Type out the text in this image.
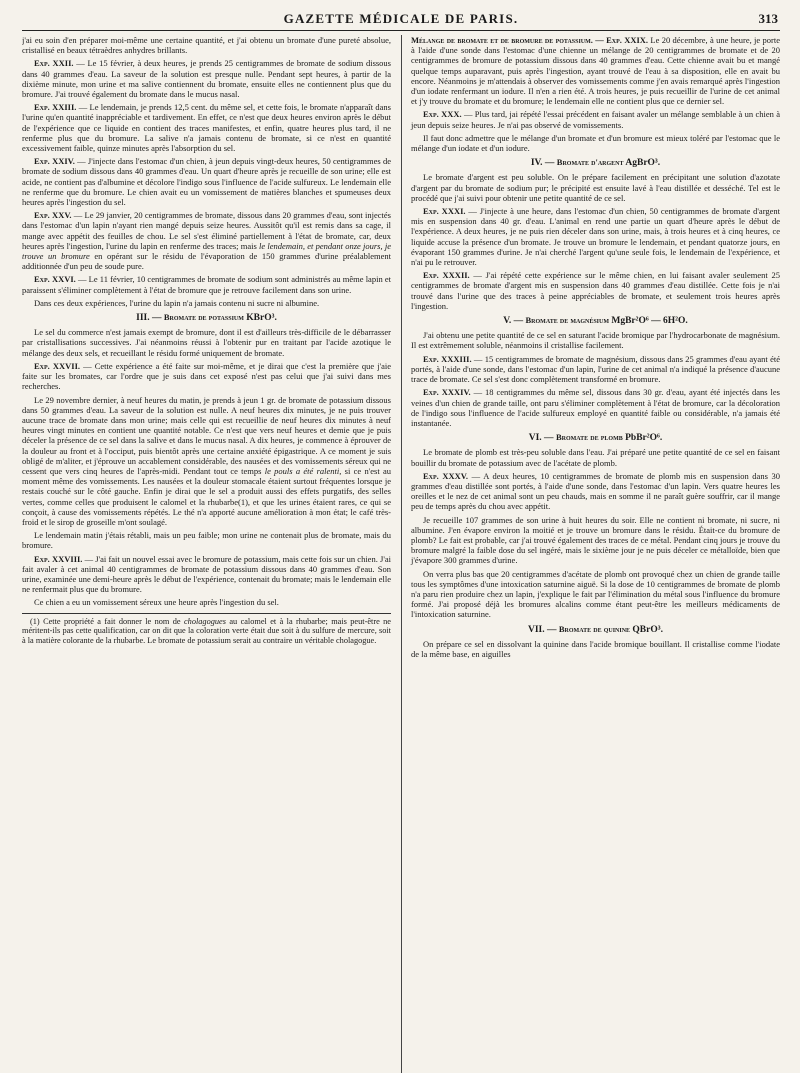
GAZETTE MÉDICALE DE PARIS.	313

j'ai eu soin d'en préparer moi-même une certaine quantité, et j'ai obtenu un bromate d'une pureté absolue, cristallisé en beaux tétraèdres anhydres brillants.

Exp. XXII. — Le 15 février, à deux heures, je prends 25 centigrammes de bromate de sodium dissous dans 40 grammes d'eau. La saveur de la solution est presque nulle. Pendant sept heures, à partir de la dixième minute, mon urine et ma salive contiennent du bromate, ensuite elles ne contiennent plus que du bromure. J'ai trouvé également du bromate dans le mucus nasal.

Exp. XXIII. — Le lendemain, je prends 12,5 cent. du même sel, et cette fois, le bromate n'apparaît dans l'urine qu'en quantité inappréciable et tardivement. En effet, ce n'est que deux heures environ après le début de l'expérience que ce liquide en contient des traces manifestes, et enfin, quatre heures plus tard, il ne renferme plus que du bromure. La salive n'a jamais contenu de bromate, si ce n'est en quantité excessivement faible, quinze minutes après l'absorption du sel.

Exp. XXIV. — J'injecte dans l'estomac d'un chien, à jeun depuis vingt-deux heures, 50 centigrammes de bromate de sodium dissous dans 40 grammes d'eau. Un quart d'heure après je recueille de son urine; elle est acide, ne contient pas d'albumine et décolore l'indigo sous l'influence de l'acide sulfureux. Le lendemain elle ne renferme que du bromure. Le chien avait eu un vomissement de matières blanches et spumeuses deux heures après l'ingestion du sel.

Exp. XXV. — Le 29 janvier, 20 centigrammes de bromate, dissous dans 20 grammes d'eau, sont injectés dans l'estomac d'un lapin n'ayant rien mangé depuis seize heures. Aussitôt qu'il est remis dans sa cage, il mange avec appétit des feuilles de chou. Le sel s'est éliminé partiellement à l'état de bromate, car, deux heures après l'ingestion, l'urine du lapin en renferme des traces; mais le lendemain, et pendant onze jours, je trouve un bromure en opérant sur le résidu de l'évaporation de 150 grammes d'urine préalablement additionnée d'un peu de soude pure.

Exp. XXVI. — Le 11 février, 10 centigrammes de bromate de sodium sont administrés au même lapin et paraissent s'éliminer complètement à l'état de bromure que je retrouve facilement dans son urine.

Dans ces deux expériences, l'urine du lapin n'a jamais contenu ni sucre ni albumine.

III. — Bromate de potassium KBrO³.

Le sel du commerce n'est jamais exempt de bromure, dont il est d'ailleurs très-difficile de le débarrasser par cristallisations successives. J'ai néanmoins réussi à l'obtenir pur en traitant par l'acide azotique le mélange des deux sels, et recueillant le résidu formé uniquement de bromate.

Exp. XXVII. — Cette expérience a été faite sur moi-même, et je dirai que c'est la première que j'aie faite sur les bromates, car l'ordre que je suis dans cet exposé n'est pas celui que j'ai suivi dans mes recherches.

Le 29 novembre dernier, à neuf heures du matin, je prends à jeun 1 gr. de bromate de potassium dissous dans 50 grammes d'eau. La saveur de la solution est nulle. A neuf heures dix minutes, je ne puis trouver aucune trace de bromate dans mon urine; mais celle qui est recueillie de neuf heures dix minutes à neuf heures vingt minutes en contient une quantité notable. Ce n'est que vers neuf heures et demie que je puis déceler la présence de ce sel dans la salive et dans le mucus nasal. A dix heures, je commence à éprouver de la douleur au front et à l'occiput, puis bientôt après une certaine anxiété épigastrique. A ce moment je suis obligé de m'aliter, et j'éprouve un accablement considérable, des nausées et des vomissements séreux qui ne cessent que vers cinq heures de l'après-midi. Pendant tout ce temps le pouls a été ralenti, si ce n'est au moment même des vomissements. Les nausées et la douleur stomacale étaient surtout fréquentes lorsque je restais couché sur le côté gauche. Enfin je dirai que le sel a produit aussi des effets purgatifs, des selles vertes, comme celles que produisent le calomel et la rhubarbe(1), et que les urines étaient rares, ce qui se conçoit, à cause des vomissements répétés. Le thé n'a apporté aucune amélioration à mon état; le café très-froid et le sirop de groseille m'ont soulagé.

Le lendemain matin j'étais rétabli, mais un peu faible; mon urine ne contenait plus de bromate, mais du bromure.

Exp. XXVIII. — J'ai fait un nouvel essai avec le bromure de potassium, mais cette fois sur un chien. J'ai fait avaler à cet animal 40 centigrammes de bromate de potassium dissous dans 40 grammes d'eau. Son urine, examinée une demi-heure après le début de l'expérience, contenait du bromate; mais le lendemain elle ne renfermait plus que du bromure.

Ce chien a eu un vomissement séreux une heure après l'ingestion du sel.

(1) Cette propriété a fait donner le nom de cholagogues au calomel et à la rhubarbe; mais peut-être ne méritent-ils pas cette qualification, car on dit que la coloration verte était due soit à du sulfure de mercure, soit à la matière colorante de la rhubarbe. Le bromate de potassium serait au contraire un véritable cholagogue.

Mélange de bromate et de bromure de potassium. — Exp. XXIX. Le 20 décembre, à une heure, je porte à l'aide d'une sonde dans l'estomac d'une chienne un mélange de 20 centigrammes de bromate et de 20 centigrammes de bromure de potassium dissous dans 40 grammes d'eau. Cette chienne avait bu et mangé quelque temps auparavant, puis après l'ingestion, ayant trouvé de l'eau à sa disposition, elle en avait bu encore. Néanmoins je m'attendais à observer des vomissements comme j'en avais remarqué après l'ingestion d'un iodate renfermant un iodure. Il n'en a rien été. A trois heures, je puis recueillir de l'urine de cet animal et j'y trouve du bromate et du bromure; le lendemain elle ne contient plus que ce dernier sel.

Exp. XXX. — Plus tard, jai répété l'essai précédent en faisant avaler un mélange semblable à un chien à jeun depuis seize heures. Je n'ai pas observé de vomissements.

Il faut donc admettre que le mélange d'un bromate et d'un bromure est mieux toléré par l'estomac que le mélange d'un iodate et d'un iodure.

IV. — Bromate d'argent AgBrO³.

Le bromate d'argent est peu soluble. On le prépare facilement en précipitant une solution d'azotate d'argent par du bromate de sodium pur; le précipité est ensuite lavé à l'eau distillée et desséché. Tel est le procédé que j'ai suivi pour obtenir une petite quantité de ce sel.

Exp. XXXI. — J'injecte à une heure, dans l'estomac d'un chien, 50 centigrammes de bromate d'argent mis en suspension dans 40 gr. d'eau. L'animal en rend une partie un quart d'heure après le début de l'expérience. A deux heures, je ne puis rien déceler dans son urine, mais, à trois heures et à cinq heures, ce liquide accuse la présence d'un bromate. Je trouve un bromure le lendemain, et pendant quatorze jours, en évaporant 150 grammes d'urine. Je n'ai cherché l'argent qu'une seule fois, le lendemain de l'expérience, et n'ai pu le retrouver.

Exp. XXXII. — J'ai répété cette expérience sur le même chien, en lui faisant avaler seulement 25 centigrammes de bromate d'argent mis en suspension dans 40 grammes d'eau distillée. Cette fois je n'ai trouvé dans l'urine que des traces à peine appréciables de bromate, et seulement trois heures après l'ingestion.

V. — Bromate de magnésium MgBr²O⁶ — 6H²O.

J'ai obtenu une petite quantité de ce sel en saturant l'acide bromique par l'hydrocarbonate de magnésium. Il est extrêmement soluble, néanmoins il cristallise facilement.

Exp. XXXIII. — 15 centigrammes de bromate de magnésium, dissous dans 25 grammes d'eau ayant été portés, à l'aide d'une sonde, dans l'estomac d'un lapin, l'urine de cet animal n'a indiqué la présence d'aucune trace de bromate. Ce sel s'est donc complètement transformé en bromure.

Exp. XXXIV. — 18 centigrammes du même sel, dissous dans 30 gr. d'eau, ayant été injectés dans les veines d'un chien de grande taille, ont paru s'éliminer complètement à l'état de bromure, car la décoloration de l'indigo sous l'influence de l'acide sulfureux employé en quantité faible ou considérable, n'a jamais été instantanée.

VI. — Bromate de plomb PbBr²O⁶.

Le bromate de plomb est très-peu soluble dans l'eau. J'ai préparé une petite quantité de ce sel en faisant bouillir du bromate de potassium avec de l'acétate de plomb.

Exp. XXXV. — A deux heures, 10 centigrammes de bromate de plomb mis en suspension dans 30 grammes d'eau distillée sont portés, à l'aide d'une sonde, dans l'estomac d'un lapin. Vers quatre heures les oreilles et le nez de cet animal sont un peu chauds, mais en somme il ne paraît guère souffrir, car il mange peu de temps après du chou avec appétit.

Je recueille 107 grammes de son urine à huit heures du soir. Elle ne contient ni bromate, ni sucre, ni albumine. J'en évapore environ la moitié et je trouve un bromure dans le résidu. Était-ce du bromure de plomb? Le fait est probable, car j'ai trouvé également des traces de ce métal. Pendant cinq jours je trouve du bromure malgré la faible dose du sel ingéré, mais le sixième jour je ne puis déceler ce métalloïde, bien que j'évapore 300 grammes d'urine.

On verra plus bas que 20 centigrammes d'acétate de plomb ont provoqué chez un chien de grande taille tous les symptômes d'une intoxication saturnine aiguë. Si la dose de 10 centigrammes de bromate de plomb n'a paru rien produire chez un lapin, j'explique le fait par l'élimination du métal sous l'influence du bromure formé. J'ai proposé déjà les bromures alcalins comme étant peut-être les meilleurs médicaments de l'intoxication saturnine.

VII. — Bromate de quinine QBrO³.

On prépare ce sel en dissolvant la quinine dans l'acide bromique bouillant. Il cristallise comme l'iodate de la même base, en aiguilles
